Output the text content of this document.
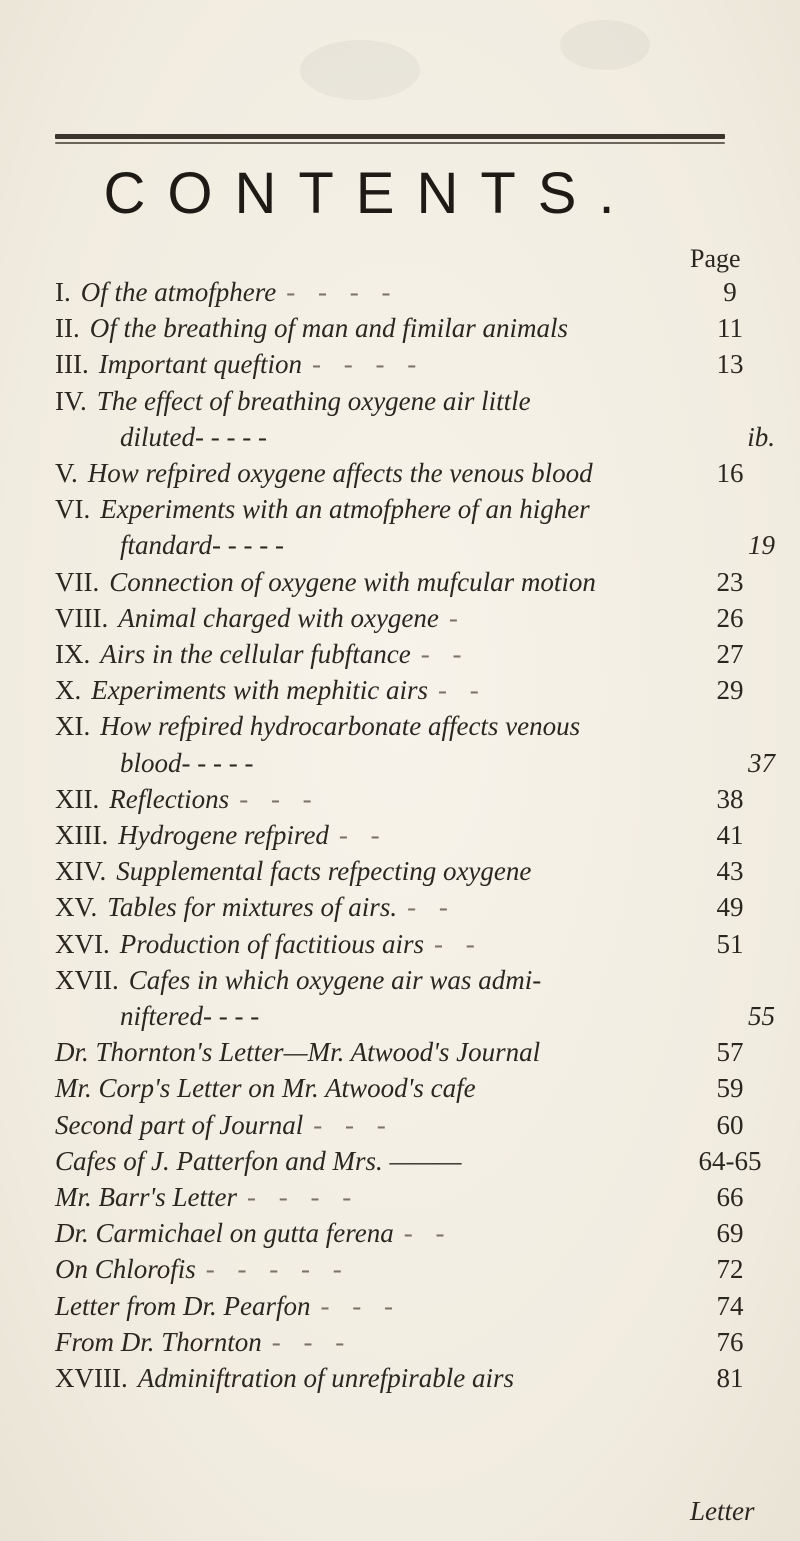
CONTENTS.
Page
I. Of the atmofphere - - - -	9
II. Of the breathing of man and fimilar animals	11
III. Important queftion - - - -	13
IV. The effect of breathing oxygene air little
diluted- - - - -	ib.
V. How refpired oxygene affects the venous blood	16
VI. Experiments with an atmofphere of an higher
ftandard- - - - -	19
VII. Connection of oxygene with mufcular motion	23
VIII. Animal charged with oxygene -	26
IX. Airs in the cellular fubftance - -	27
X. Experiments with mephitic airs - -	29
XI. How refpired hydrocarbonate affects venous
blood- - - - -	37
XII. Reflections - - -	38
XIII. Hydrogene refpired - -	41
XIV. Supplemental facts refpecting oxygene	43
XV. Tables for mixtures of airs. - -	49
XVI. Production of factitious airs - -	51
XVII. Cafes in which oxygene air was admi-
niftered- - - -	55
Dr. Thornton's Letter—Mr. Atwood's Journal	57
Mr. Corp's Letter on Mr. Atwood's cafe	59
Second part of Journal - - -	60
Cafes of J. Patterfon and Mrs. ———	64-65
Mr. Barr's Letter - - - -	66
Dr. Carmichael on gutta ferena - -	69
On Chlorofis - - - - -	72
Letter from Dr. Pearfon - - -	74
From Dr. Thornton - - -	76
XVIII. Adminiftration of unrefpirable airs	81
Letter
